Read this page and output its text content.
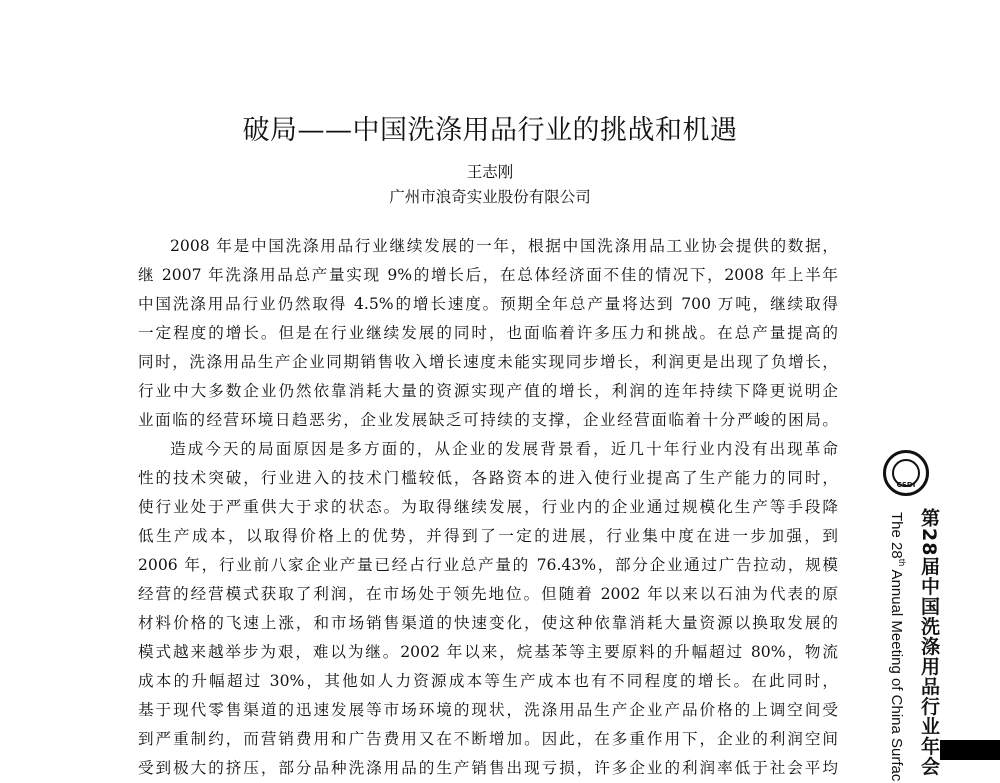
破局——中国洗涤用品行业的挑战和机遇
王志刚
广州市浪奇实业股份有限公司
2008 年是中国洗涤用品行业继续发展的一年，根据中国洗涤用品工业协会提供的数据，
继 2007 年洗涤用品总产量实现 9%的增长后，在总体经济面不佳的情况下，2008 年上半年
中国洗涤用品行业仍然取得 4.5%的增长速度。预期全年总产量将达到 700 万吨，继续取得
一定程度的增长。但是在行业继续发展的同时，也面临着许多压力和挑战。在总产量提高的
同时，洗涤用品生产企业同期销售收入增长速度未能实现同步增长，利润更是出现了负增长，
行业中大多数企业仍然依靠消耗大量的资源实现产值的增长，利润的连年持续下降更说明企
业面临的经营环境日趋恶劣，企业发展缺乏可持续的支撑，企业经营面临着十分严峻的困局。
造成今天的局面原因是多方面的，从企业的发展背景看，近几十年行业内没有出现革命
性的技术突破，行业进入的技术门槛较低，各路资本的进入使行业提高了生产能力的同时，
使行业处于严重供大于求的状态。为取得继续发展，行业内的企业通过规模化生产等手段降
低生产成本，以取得价格上的优势，并得到了一定的进展，行业集中度在进一步加强，到
2006 年，行业前八家企业产量已经占行业总产量的 76.43%，部分企业通过广告拉动，规模
经营的经营模式获取了利润，在市场处于领先地位。但随着 2002 年以来以石油为代表的原
材料价格的飞速上涨，和市场销售渠道的快速变化，使这种依靠消耗大量资源以换取发展的
模式越来越举步为艰，难以为继。2002 年以来，烷基苯等主要原料的升幅超过 80%，物流
成本的升幅超过 30%，其他如人力资源成本等生产成本也有不同程度的增长。在此同时，
基于现代零售渠道的迅速发展等市场环境的现状，洗涤用品生产企业产品价格的上调空间受
到严重制约，而营销费用和广告费用又在不断增加。因此，在多重作用下，企业的利润空间
受到极大的挤压，部分品种洗涤用品的生产销售出现亏损，许多企业的利润率低于社会平均
CSDI
The 28th Annual Meeting of China Surfac 第28届中国洗涤用品行业年会
